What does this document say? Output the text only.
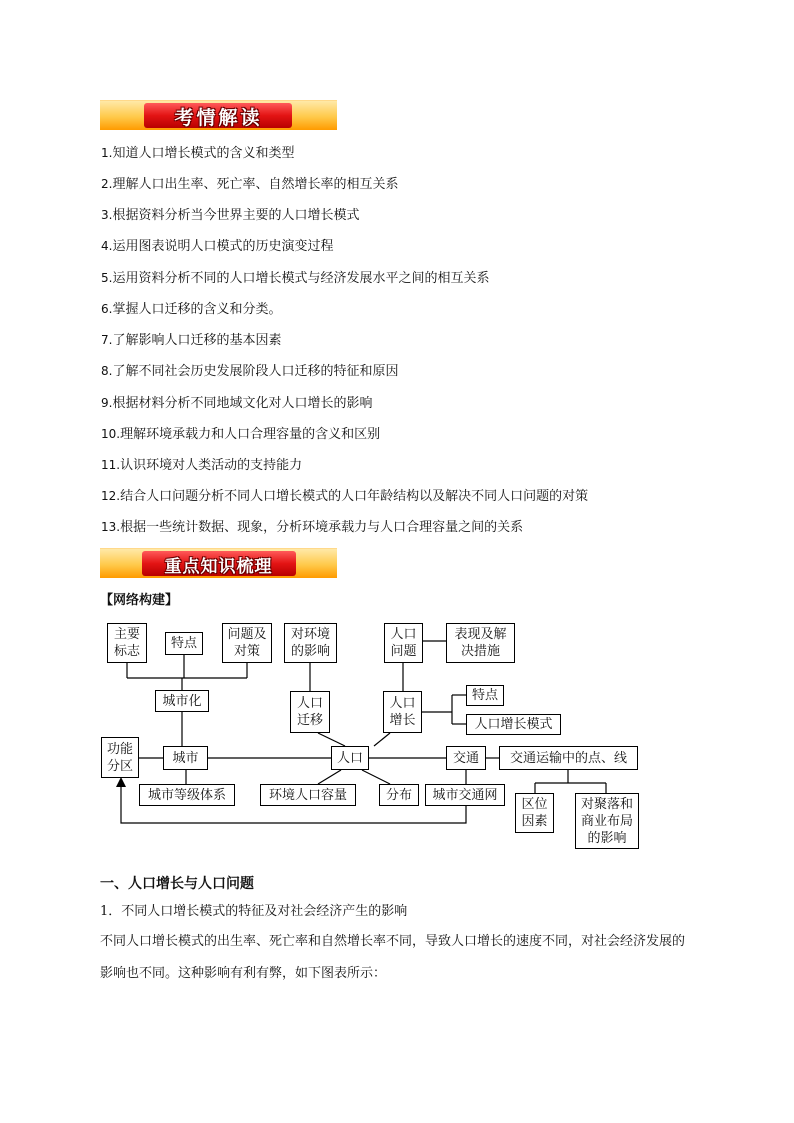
考情解读
1.知道人口增长模式的含义和类型
2.理解人口出生率、死亡率、自然增长率的相互关系
3.根据资料分析当今世界主要的人口增长模式
4.运用图表说明人口模式的历史演变过程
5.运用资料分析不同的人口增长模式与经济发展水平之间的相互关系
6.掌握人口迁移的含义和分类。
7.了解影响人口迁移的基本因素
8.了解不同社会历史发展阶段人口迁移的特征和原因
9.根据材料分析不同地域文化对人口增长的影响
10.理解环境承载力和人口合理容量的含义和区别
11.认识环境对人类活动的支持能力
12.结合人口问题分析不同人口增长模式的人口年龄结构以及解决不同人口问题的对策
13.根据一些统计数据、现象，分析环境承载力与人口合理容量之间的关系
重点知识梳理
【网络构建】
主要
标志
特点
问题及
对策
对环境
的影响
人口
问题
表现及解
决措施
城市化	人口
迁移
人口
增长
特点
人口增长模式
功能
分区
城市	人口	交通	交通运输中的点、线
城市等级体系	环境人口容量	分布	城市交通网
区位
因素
对聚落和
商业布局
的影响
一、人口增长与人口问题
1．不同人口增长模式的特征及对社会经济产生的影响
不同人口增长模式的出生率、死亡率和自然增长率不同，导致人口增长的速度不同，对社会经济发展的
影响也不同。这种影响有利有弊，如下图表所示：
